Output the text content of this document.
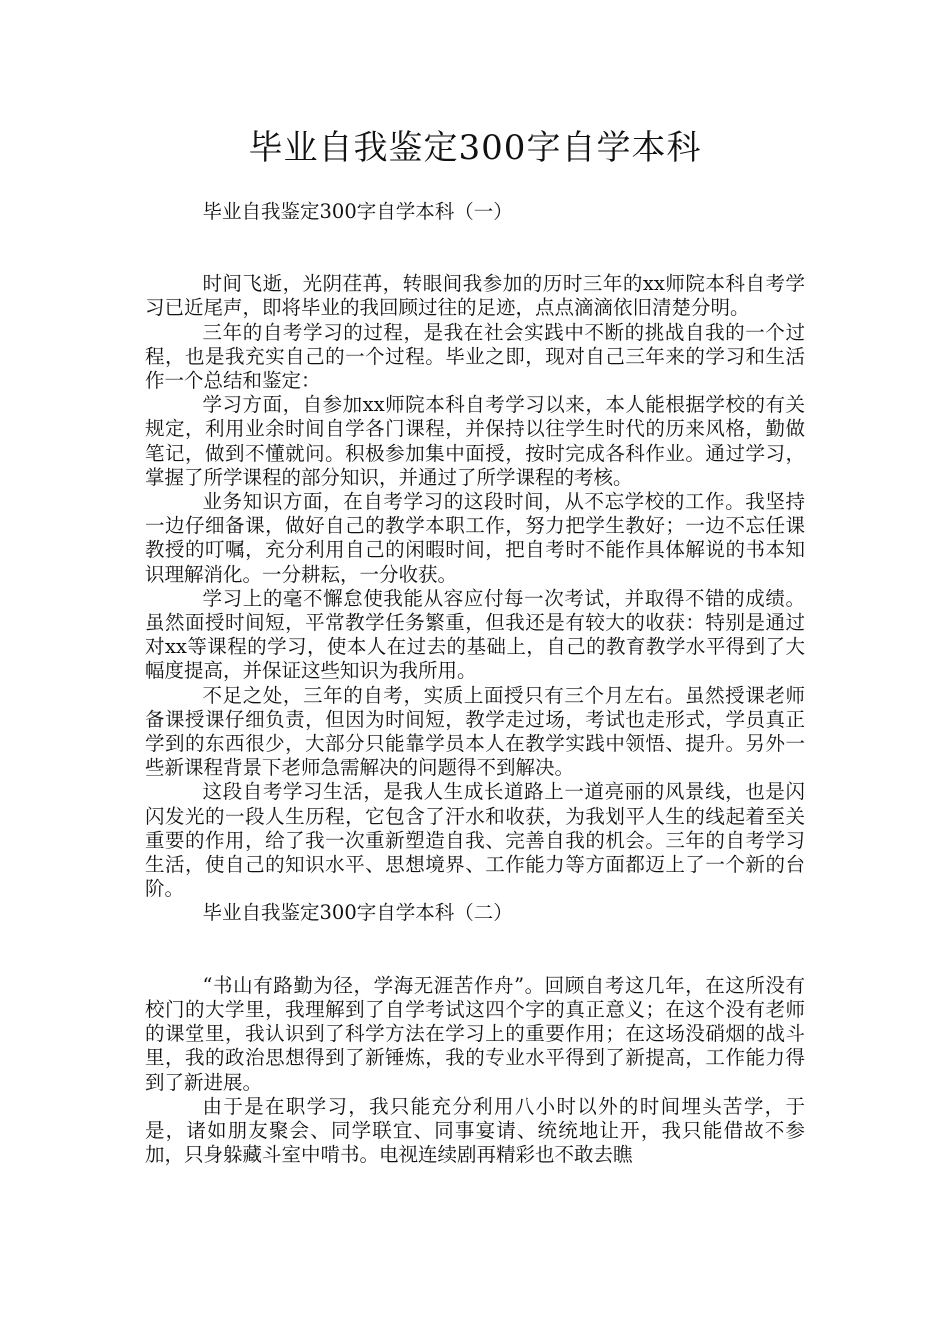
毕业自我鉴定300字自学本科

毕业自我鉴定300字自学本科（一）

时间飞逝，光阴荏苒，转眼间我参加的历时三年的xx师院本科自考学习已近尾声，即将毕业的我回顾过往的足迹，点点滴滴依旧清楚分明。

三年的自考学习的过程，是我在社会实践中不断的挑战自我的一个过程，也是我充实自己的一个过程。毕业之即，现对自己三年来的学习和生活作一个总结和鉴定：

学习方面，自参加xx师院本科自考学习以来，本人能根据学校的有关规定，利用业余时间自学各门课程，并保持以往学生时代的历来风格，勤做笔记，做到不懂就问。积极参加集中面授，按时完成各科作业。通过学习，掌握了所学课程的部分知识，并通过了所学课程的考核。

业务知识方面，在自考学习的这段时间，从不忘学校的工作。我坚持一边仔细备课，做好自己的教学本职工作，努力把学生教好；一边不忘任课教授的叮嘱，充分利用自己的闲暇时间，把自考时不能作具体解说的书本知识理解消化。一分耕耘，一分收获。

学习上的毫不懈怠使我能从容应付每一次考试，并取得不错的成绩。虽然面授时间短，平常教学任务繁重，但我还是有较大的收获：特别是通过对xx等课程的学习，使本人在过去的基础上，自己的教育教学水平得到了大幅度提高，并保证这些知识为我所用。

不足之处，三年的自考，实质上面授只有三个月左右。虽然授课老师备课授课仔细负责，但因为时间短，教学走过场，考试也走形式，学员真正学到的东西很少，大部分只能靠学员本人在教学实践中领悟、提升。另外一些新课程背景下老师急需解决的问题得不到解决。

这段自考学习生活，是我人生成长道路上一道亮丽的风景线，也是闪闪发光的一段人生历程，它包含了汗水和收获，为我划平人生的线起着至关重要的作用，给了我一次重新塑造自我、完善自我的机会。三年的自考学习生活，使自己的知识水平、思想境界、工作能力等方面都迈上了一个新的台阶。

毕业自我鉴定300字自学本科（二）

“书山有路勤为径，学海无涯苦作舟”。回顾自考这几年，在这所没有校门的大学里，我理解到了自学考试这四个字的真正意义；在这个没有老师的课堂里，我认识到了科学方法在学习上的重要作用；在这场没硝烟的战斗里，我的政治思想得到了新锤炼，我的专业水平得到了新提高，工作能力得到了新进展。

由于是在职学习，我只能充分利用八小时以外的时间埋头苦学，于是，诸如朋友聚会、同学联宜、同事宴请、统统地让开，我只能借故不参加，只身躲藏斗室中啃书。电视连续剧再精彩也不敢去瞧
